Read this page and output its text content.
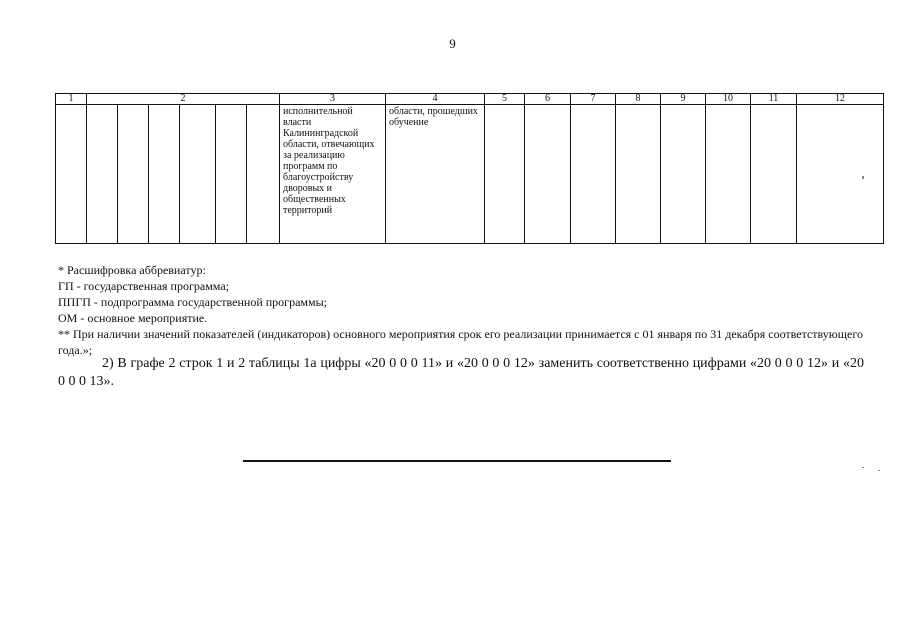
9
1	2						3	4	5	6	7	8	9	10	11	12

							исполнительной власти Калининградской области, отвечающих за реализацию программ по благоустройству дворовых и общественных территорий	области, прошедших обучение								

* Расшифровка аббревиатур:
ГП - государственная программа;
ППГП - подпрограмма государственной программы;
ОМ - основное мероприятие.
** При наличии значений показателей (индикаторов) основного мероприятия срок его реализации принимается с 01 января по 31 декабря соответствующего года.»;
2) В графе 2 строк 1 и 2 таблицы 1а цифры «20 0 0 0 11» и «20 0 0 0 12» заменить соответственно цифрами «20 0 0 0 12» и «20 0 0 0 13».
